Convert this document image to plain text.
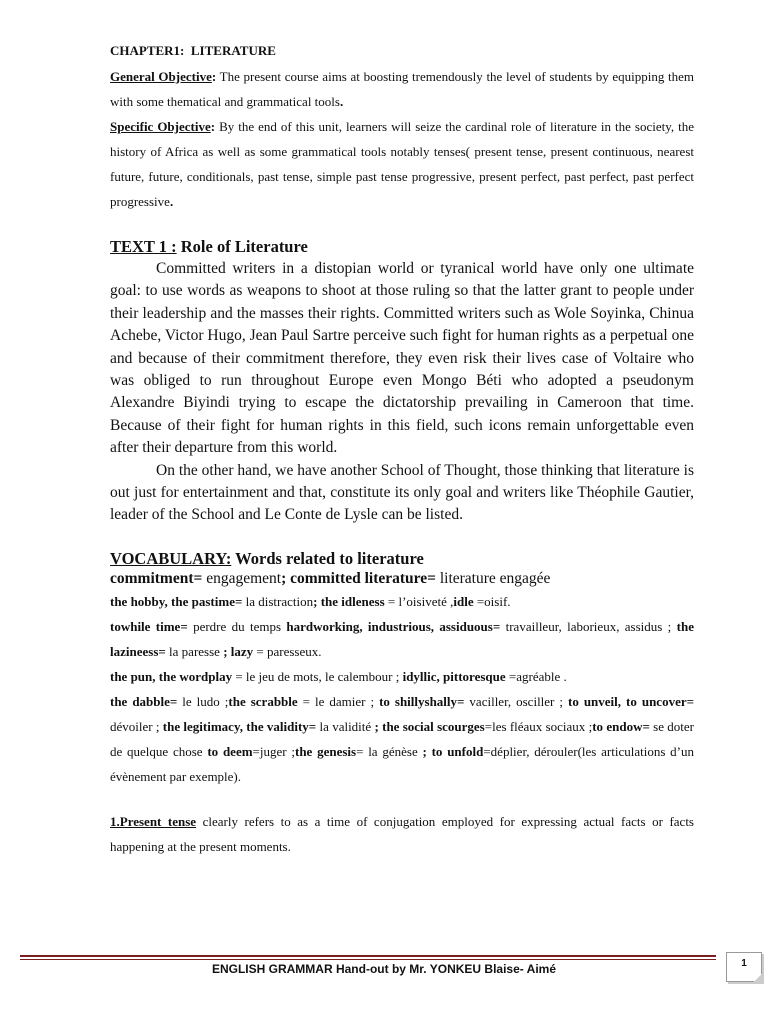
CHAPTER1: LITERATURE

General Objective: The present course aims at boosting tremendously the level of students by equipping them with some thematical and grammatical tools.

Specific Objective: By the end of this unit, learners will seize the cardinal role of literature in the society, the history of Africa as well as some grammatical tools notably tenses( present tense, present continuous, nearest future, future, conditionals, past tense, simple past tense progressive, present perfect, past perfect, past perfect progressive.

TEXT 1 : Role of Literature

Committed writers in a distopian world or tyranical world have only one ultimate goal: to use words as weapons to shoot at those ruling so that the latter grant to people under their leadership and the masses their rights. Committed writers such as Wole Soyinka, Chinua Achebe, Victor Hugo, Jean Paul Sartre perceive such fight for human rights as a perpetual one and because of their commitment therefore, they even risk their lives case of Voltaire who was obliged to run throughout Europe even Mongo Béti who adopted a pseudonym Alexandre Biyindi trying to escape the dictatorship prevailing in Cameroon that time. Because of their fight for human rights in this field, such icons remain unforgettable even after their departure from this world.

On the other hand, we have another School of Thought, those thinking that literature is out just for entertainment and that, constitute its only goal and writers like Théophile Gautier, leader of the School and Le Conte de Lysle can be listed.

VOCABULARY: Words related to literature

commitment= engagement; committed literature= literature engagée

the hobby, the pastime= la distraction; the idleness = l’oisiveté ,idle =oisif.

towhile time= perdre du temps hardworking, industrious, assiduous= travailleur, laborieux, assidus ; the lazineess= la paresse ; lazy = paresseux.

the pun, the wordplay = le jeu de mots, le calembour ; idyllic, pittoresque =agréable .

the dabble= le ludo ;the scrabble = le damier ; to shillyshally= vaciller, osciller ; to unveil, to uncover= dévoiler ; the legitimacy, the validity= la validité ; the social scourges=les fléaux sociaux ;to endow= se doter de quelque chose to deem=juger ;the genesis= la génèse ; to unfold=déplier, dérouler(les articulations d’un évènement par exemple).

1.Present tense clearly refers to as a time of conjugation employed for expressing actual facts or facts happening at the present moments.

ENGLISH GRAMMAR Hand-out by Mr. YONKEU Blaise- Aimé	1
